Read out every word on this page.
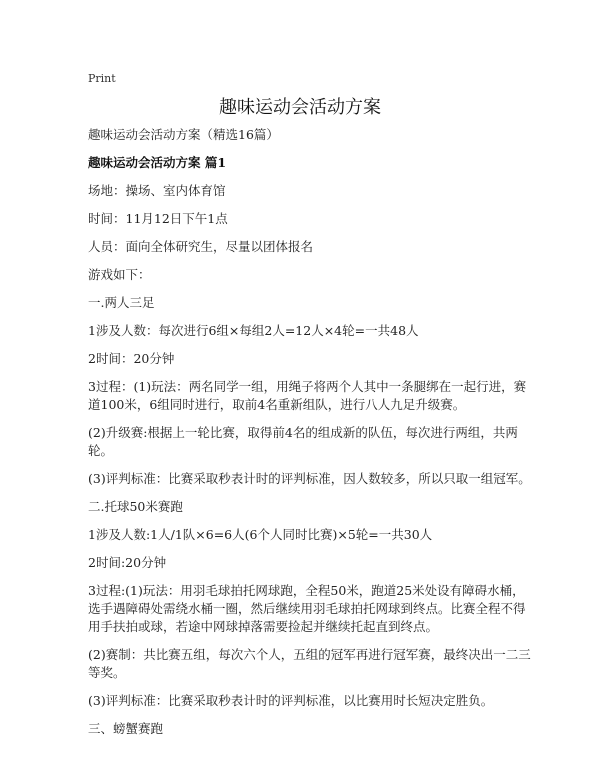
Print
趣味运动会活动方案

趣味运动会活动方案（精选16篇）

趣味运动会活动方案 篇1

场地：操场、室内体育馆

时间：11月12日下午1点

人员：面向全体研究生，尽量以团体报名

游戏如下：

一.两人三足

1涉及人数：每次进行6组×每组2人=12人×4轮=一共48人

2时间：20分钟

3过程：(1)玩法：两名同学一组，用绳子将两个人其中一条腿绑在一起行进，赛道100米，6组同时进行，取前4名重新组队，进行八人九足升级赛。

(2)升级赛:根据上一轮比赛，取得前4名的组成新的队伍，每次进行两组，共两轮。

(3)评判标准：比赛采取秒表计时的评判标准，因人数较多，所以只取一组冠军。

二.托球50米赛跑

1涉及人数:1人/1队×6=6人(6个人同时比赛)×5轮=一共30人

2时间:20分钟

3过程:(1)玩法：用羽毛球拍托网球跑，全程50米，跑道25米处设有障碍水桶，选手遇障碍处需绕水桶一圈，然后继续用羽毛球拍托网球到终点。比赛全程不得用手扶拍或球，若途中网球掉落需要捡起并继续托起直到终点。

(2)赛制：共比赛五组，每次六个人，五组的冠军再进行冠军赛，最终决出一二三等奖。

(3)评判标准：比赛采取秒表计时的评判标准，以比赛用时长短决定胜负。

三、螃蟹赛跑
